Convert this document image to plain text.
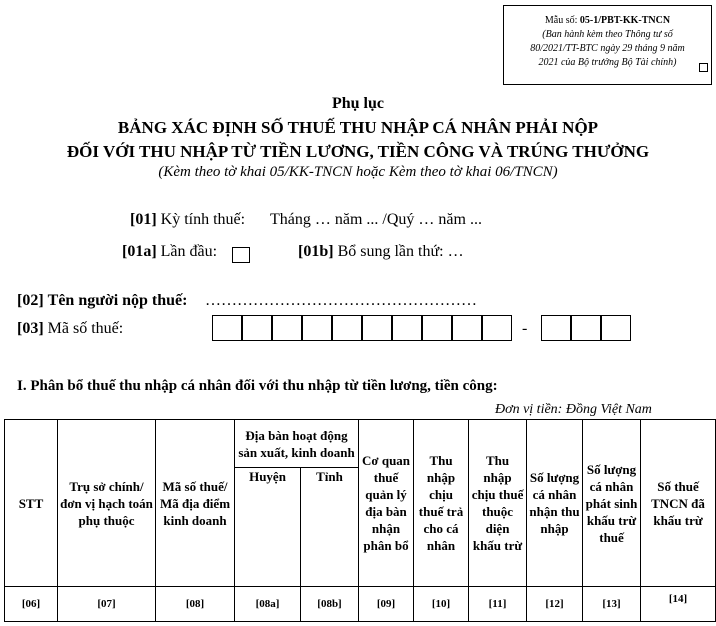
Mẫu số: 05-1/PBT-KK-TNCN
(Ban hành kèm theo Thông tư số
80/2021/TT-BTC ngày 29 tháng 9 năm
2021 của Bộ trưởng Bộ Tài chính)
Phụ lục
BẢNG XÁC ĐỊNH SỐ THUẾ THU NHẬP CÁ NHÂN PHẢI NỘP
ĐỐI VỚI THU NHẬP TỪ TIỀN LƯƠNG, TIỀN CÔNG VÀ TRÚNG THƯỞNG
(Kèm theo tờ khai 05/KK-TNCN hoặc Kèm theo tờ khai 06/TNCN)
[01] Kỳ tính thuế: Tháng … năm ... /Quý … năm ...
[01a] Lần đầu:	[01b] Bổ sung lần thứ: …
[02] Tên người nộp thuế: ……………………………………………
[03] Mã số thuế:	-
I. Phân bổ thuế thu nhập cá nhân đối với thu nhập từ tiền lương, tiền công:
Đơn vị tiền: Đồng Việt Nam
STT	Trụ sở chính/đơn vị hạch toán phụ thuộc	Mã số thuế/ Mã địa điểm kinh doanh	Địa bàn hoạt động sản xuất, kinh doanh		Cơ quan thuế quản lý địa bàn nhận phân bổ	Thu nhập chịu thuế trả cho cá nhân	Thu nhập chịu thuế thuộc diện khấu trừ	Số lượng cá nhân nhận thu nhập	Số lượng cá nhân phát sinh khấu trừ thuế	Số thuế TNCN đã khấu trừ
			Huyện	Tỉnh						
[06]	[07]	[08]	[08a]	[08b]	[09]	[10]	[11]	[12]	[13]	[14]
